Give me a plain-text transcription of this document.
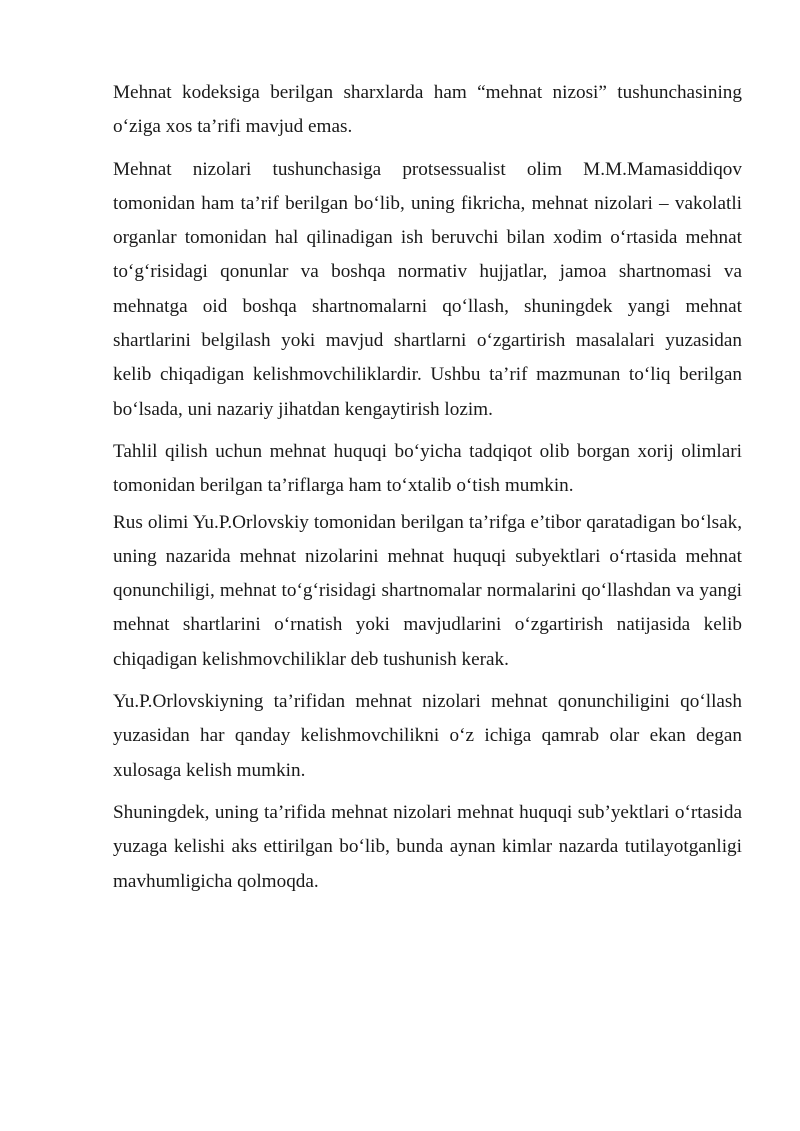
Mehnat kodeksiga berilgan sharxlarda ham “mehnat nizosi” tushunchasining o‘ziga xos ta’rifi mavjud emas.

Mehnat nizolari tushunchasiga protsessualist olim M.M.Mamasiddiqov tomonidan ham ta’rif berilgan bo‘lib, uning fikricha, mehnat nizolari – vakolatli organlar tomonidan hal qilinadigan ish beruvchi bilan xodim o‘rtasida mehnat to‘g‘risidagi qonunlar va boshqa normativ hujjatlar, jamoa shartnomasi va mehnatga oid boshqa shartnomalarni qo‘llash, shuningdek yangi mehnat shartlarini belgilash yoki mavjud shartlarni o‘zgartirish masalalari yuzasidan kelib chiqadigan kelishmovchiliklardir. Ushbu ta’rif mazmunan to‘liq berilgan bo‘lsada, uni nazariy jihatdan kengaytirish lozim.

Tahlil qilish uchun mehnat huquqi bo‘yicha tadqiqot olib borgan xorij olimlari tomonidan berilgan ta’riflarga ham to‘xtalib o‘tish mumkin.

Rus olimi Yu.P.Orlovskiy tomonidan berilgan ta’rifga e’tibor qaratadigan bo‘lsak, uning nazarida mehnat nizolarini mehnat huquqi subyektlari o‘rtasida mehnat qonunchiligi, mehnat to‘g‘risidagi shartnomalar normalarini qo‘llashdan va yangi mehnat shartlarini o‘rnatish yoki mavjudlarini o‘zgartirish natijasida kelib chiqadigan kelishmovchiliklar deb tushunish kerak.

Yu.P.Orlovskiyning ta’rifidan mehnat nizolari mehnat qonunchiligini qo‘llash yuzasidan har qanday kelishmovchilikni o‘z ichiga qamrab olar ekan degan xulosaga kelish mumkin.

Shuningdek, uning ta’rifida mehnat nizolari mehnat huquqi sub’yektlari o‘rtasida yuzaga kelishi aks ettirilgan bo‘lib, bunda aynan kimlar nazarda tutilayotganligi mavhumligicha qolmoqda.
